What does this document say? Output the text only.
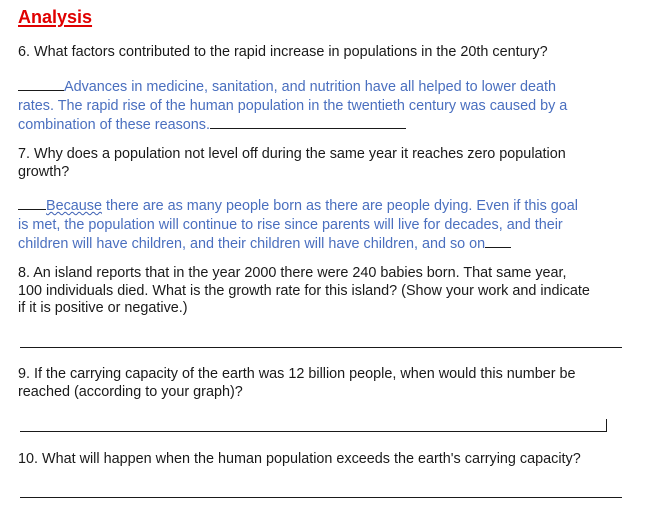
Analysis
6. What factors contributed to the rapid increase in populations in the 20th century?
Advances in medicine, sanitation, and nutrition have all helped to lower death
rates. The rapid rise of the human population in the twentieth century was caused by a
combination of these reasons.
7. Why does a population not level off during the same year it reaches zero population
growth?
Because there are as many people born as there are people dying. Even if this goal
is met, the population will continue to rise since parents will live for decades, and their
children will have children, and their children will have children, and so on
8. An island reports that in the year 2000 there were 240 babies born. That same year,
100 individuals died. What is the growth rate for this island? (Show your work and indicate
if it is positive or negative.)
9. If the carrying capacity of the earth was 12 billion people, when would this number be
reached (according to your graph)?
10. What will happen when the human population exceeds the earth's carrying capacity?
